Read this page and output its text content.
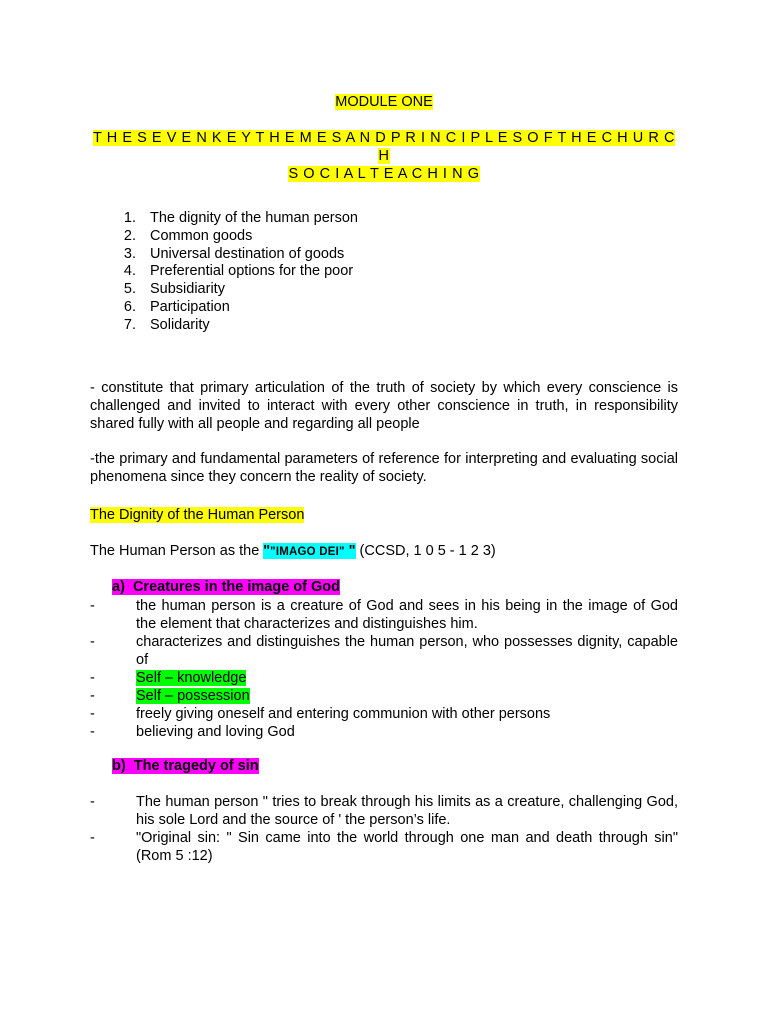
MODULE ONE
T H E S E V E N K E Y T H E M E S A N D P R I N C I P L E S O F T H E C H U R C H
S O C I A L T E A C H I N G
1. The dignity of the human person
2. Common goods
3. Universal destination of goods
4. Preferential options for the poor
5. Subsidiarity
6. Participation
7. Solidarity

- constitute that primary articulation of the truth of society by which every conscience is challenged and invited to interact with every other conscience in truth, in responsibility shared fully with all people and regarding all people

-the primary and fundamental parameters of reference for interpreting and evaluating social phenomena since they concern the reality of society.

The Dignity of the Human Person
The Human Person as the ""IMAGO DEI" " (CCSD, 1 0 5 - 1 2 3)
a)  Creatures in the image of God
-	the human person is a creature of God and sees in his being in the image of God the element that characterizes and distinguishes him.
-	characterizes and distinguishes the human person, who possesses dignity, capable of
-	Self – knowledge
-	Self – possession
-	freely giving oneself and entering communion with other persons
-	believing and loving God
b)  The tragedy of sin
-	The human person " tries to break through his limits as a creature, challenging God, his sole Lord and the source of ' the person’s life.
-	"Original sin: " Sin came into the world through one man and death through sin" (Rom 5 :12)
